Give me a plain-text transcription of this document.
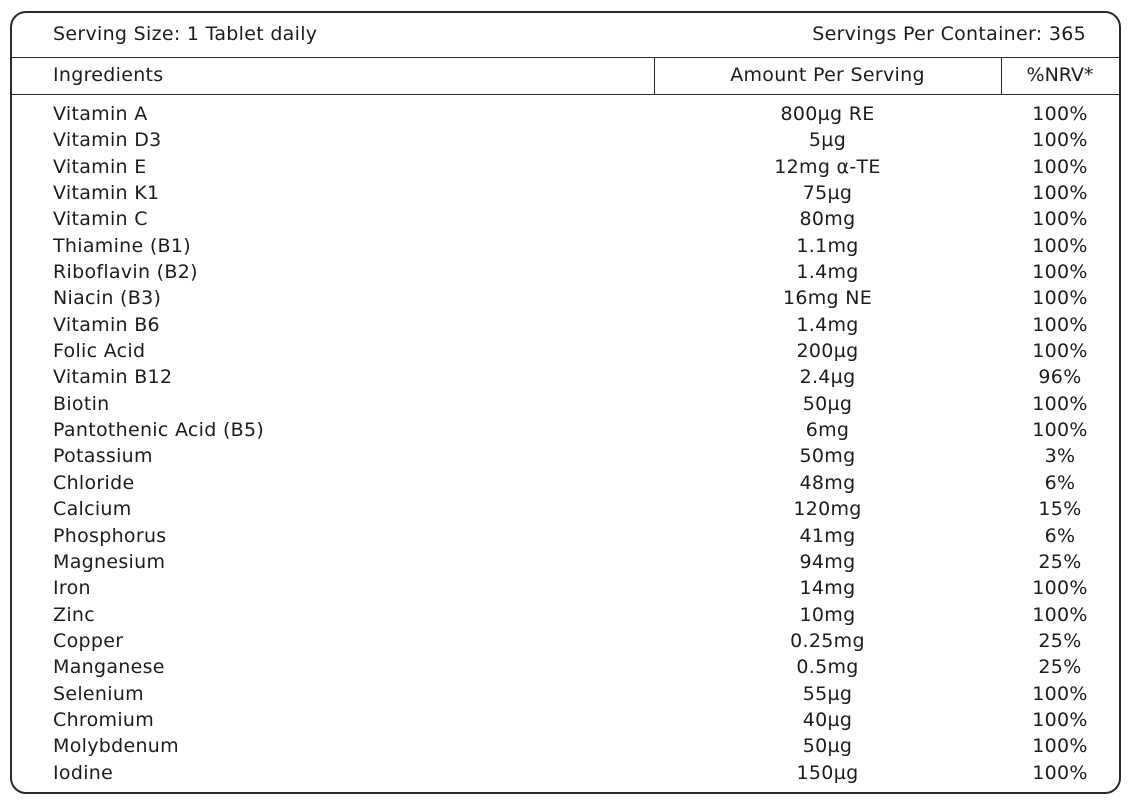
Serving Size: 1 Tablet daily	Servings Per Container: 365
Ingredients	Amount Per Serving	%NRV*
Vitamin A	800µg RE	100%
Vitamin D3	5µg	100%
Vitamin E	12mg α-TE	100%
Vitamin K1	75µg	100%
Vitamin C	80mg	100%
Thiamine (B1)	1.1mg	100%
Riboflavin (B2)	1.4mg	100%
Niacin (B3)	16mg NE	100%
Vitamin B6	1.4mg	100%
Folic Acid	200µg	100%
Vitamin B12	2.4µg	96%
Biotin	50µg	100%
Pantothenic Acid (B5)	6mg	100%
Potassium	50mg	3%
Chloride	48mg	6%
Calcium	120mg	15%
Phosphorus	41mg	6%
Magnesium	94mg	25%
Iron	14mg	100%
Zinc	10mg	100%
Copper	0.25mg	25%
Manganese	0.5mg	25%
Selenium	55µg	100%
Chromium	40µg	100%
Molybdenum	50µg	100%
Iodine	150µg	100%
